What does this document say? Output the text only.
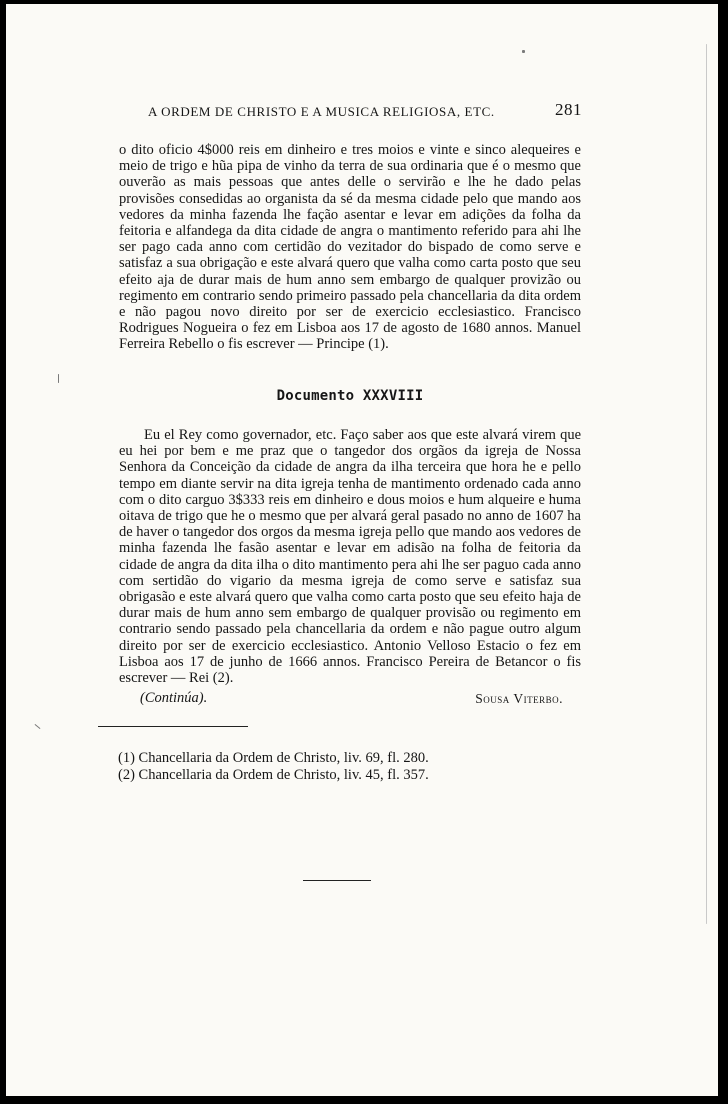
A ORDEM DE CHRISTO E A MUSICA RELIGIOSA, ETC.	281

o dito oficio 4$000 reis em dinheiro e tres moios e vinte e sinco alequeires e meio de trigo e hũa pipa de vinho da terra de sua ordinaria que é o mesmo que ouverão as mais pessoas que antes delle o servirão e lhe he dado pelas provisões consedidas ao organista da sé da mesma cidade pelo que mando aos vedores da minha fazenda lhe fação asentar e levar em adições da folha da feitoria e alfandega da dita cidade de angra o mantimento referido para ahi lhe ser pago cada anno com certidão do vezitador do bispado de como serve e satisfaz a sua obrigação e este alvará quero que valha como carta posto que seu efeito aja de durar mais de hum anno sem embargo de qualquer provizão ou regimento em contrario sendo primeiro passado pela chancellaria da dita ordem e não pagou novo direito por ser de exercicio ecclesiastico. Francisco Rodrigues Nogueira o fez em Lisboa aos 17 de agosto de 1680 annos. Manuel Ferreira Rebello o fis escrever — Principe (1).

Documento XXXVIII

Eu el Rey como governador, etc. Faço saber aos que este alvará virem que eu hei por bem e me praz que o tangedor dos orgãos da igreja de Nossa Senhora da Conceição da cidade de angra da ilha terceira que hora he e pello tempo em diante servir na dita igreja tenha de mantimento ordenado cada anno com o dito carguo 3$333 reis em dinheiro e dous moios e hum alqueire e huma oitava de trigo que he o mesmo que per alvará geral pasado no anno de 1607 ha de haver o tangedor dos orgos da mesma igreja pello que mando aos vedores de minha fazenda lhe fasão asentar e levar em adisão na folha de feitoria da cidade de angra da dita ilha o dito mantimento pera ahi lhe ser paguo cada anno com sertidão do vigario da mesma igreja de como serve e satisfaz sua obrigasão e este alvará quero que valha como carta posto que seu efeito haja de durar mais de hum anno sem embargo de qualquer provisão ou regimento em contrario sendo passado pela chancellaria da ordem e não pague outro algum direito por ser de exercicio ecclesiastico. Antonio Velloso Estacio o fez em Lisboa aos 17 de junho de 1666 annos. Francisco Pereira de Betancor o fis escrever — Rei (2).

(Continúa).	Sousa Viterbo.

(1) Chancellaria da Ordem de Christo, liv. 69, fl. 280.

(2) Chancellaria da Ordem de Christo, liv. 45, fl. 357.
